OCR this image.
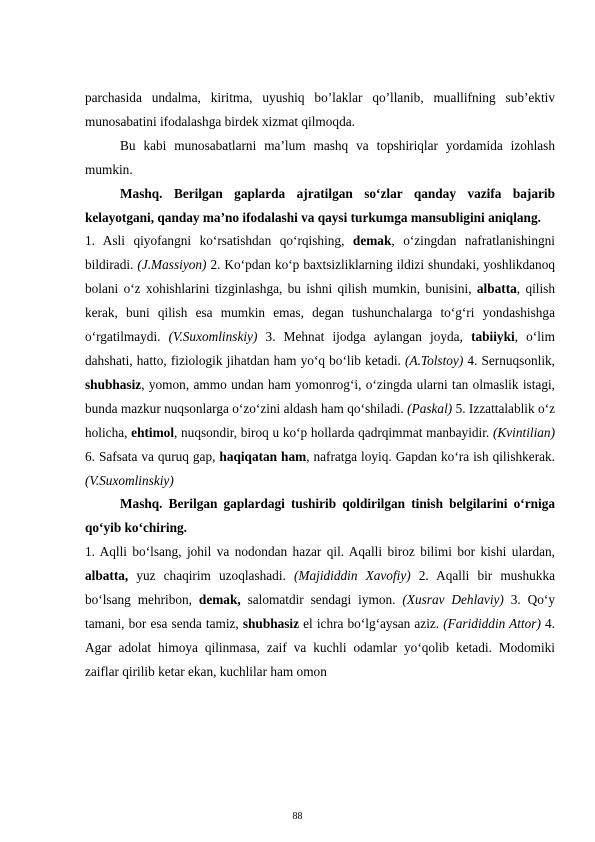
parchasida undalma, kiritma, uyushiq bo’laklar qo’llanib, muallifning sub’ektiv munosabatini ifodalashga birdek xizmat qilmoqda.

Bu kabi munosabatlarni ma’lum mashq va topshiriqlar yordamida izohlash mumkin.

Mashq. Berilgan gaplarda ajratilgan so‘zlar qanday vazifa bajarib kelayotgani, qanday ma’no ifodalashi va qaysi turkumga mansubligini aniqlang.

1. Asli qiyofangni ko‘rsatishdan qo‘rqishing, demak, o‘zingdan nafratlanishingni bildiradi. (J.Massiyon) 2. Ko‘pdan ko‘p baxtsizliklarning ildizi shundaki, yoshlikdanoq bolani o‘z xohishlarini tizginlashga, bu ishni qilish mumkin, bunisini, albatta, qilish kerak, buni qilish esa mumkin emas, degan tushunchalarga to‘g‘ri yondashishga o‘rgatilmaydi. (V.Suxomlinskiy) 3. Mehnat ijodga aylangan joyda, tabiiyki, o‘lim dahshati, hatto, fiziologik jihatdan ham yo‘q bo‘lib ketadi. (A.Tolstoy) 4. Sernuqsonlik, shubhasiz, yomon, ammo undan ham yomonrog‘i, o‘zingda ularni tan olmaslik istagi, bunda mazkur nuqsonlarga o‘zo‘zini aldash ham qo‘shiladi. (Paskal) 5. Izzattalablik o‘z holicha, ehtimol, nuqsondir, biroq u ko‘p hollarda qadrqimmat manbayidir. (Kvintilian) 6. Safsata va quruq gap, haqiqatan ham, nafratga loyiq. Gapdan ko‘ra ish qilishkerak. (V.Suxomlinskiy)

Mashq. Berilgan gaplardagi tushirib qoldirilgan tinish belgilarini o‘rniga qo‘yib ko‘chiring.

1. Aqlli bo‘lsang, johil va nodondan hazar qil. Aqalli biroz bilimi bor kishi ulardan, albatta, yuz chaqirim uzoqlashadi. (Majididdin Xavofiy) 2. Aqalli bir mushukka bo‘lsang mehribon, demak, salomatdir sendagi iymon. (Xusrav Dehlaviy) 3. Qo‘y tamani, bor esa senda tamiz, shubhasiz el ichra bo‘lg‘aysan aziz. (Farididdin Attor) 4. Agar adolat himoya qilinmasa, zaif va kuchli odamlar yo‘qolib ketadi. Modomiki zaiflar qirilib ketar ekan, kuchlilar ham omon

88
